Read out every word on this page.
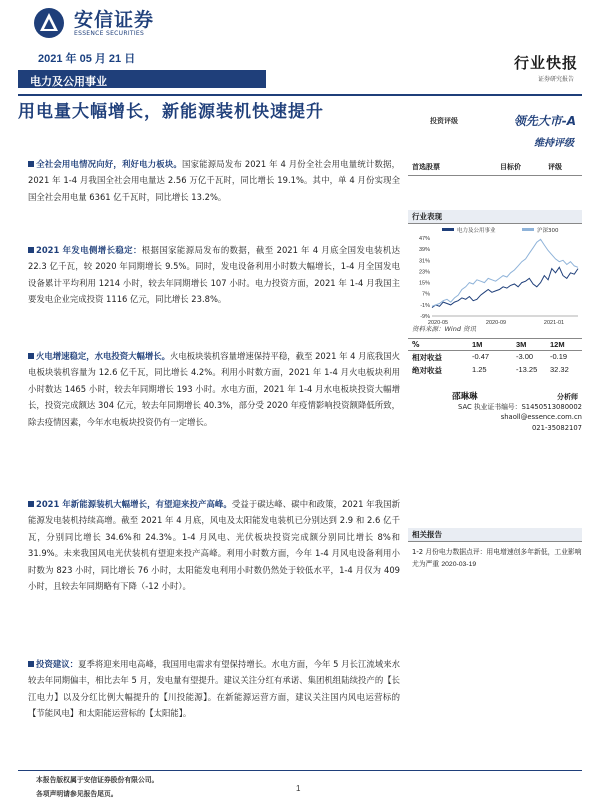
安信证券
ESSENCE SECURITIES
2021 年 05 月 21 日
电力及公用事业
行业快报
证券研究报告
用电量大幅增长，新能源装机快速提升

全社会用电情况向好，利好电力板块。国家能源局发布 2021 年 4 月份全社会用电量统计数据，2021 年 1-4 月我国全社会用电量达 2.56 万亿千瓦时，同比增长 19.1%。其中，单 4 月份实现全国全社会用电量 6361 亿千瓦时，同比增长 13.2%。

2021 年发电侧增长稳定：根据国家能源局发布的数据，截至 2021 年 4 月底全国发电装机达 22.3 亿千瓦，较 2020 年同期增长 9.5%。同时，发电设备利用小时数大幅增长，1-4 月全国发电设备累计平均利用 1214 小时，较去年同期增长 107 小时。电力投资方面，2021 年 1-4 月我国主要发电企业完成投资 1116 亿元，同比增长 23.8%。

火电增速稳定，水电投资大幅增长。火电板块装机容量增速保持平稳，截至 2021 年 4 月底我国火电板块装机容量为 12.6 亿千瓦，同比增长 4.2%。利用小时数方面，2021 年 1-4 月火电板块利用小时数达 1465 小时，较去年同期增长 193 小时。水电方面，2021 年 1-4 月水电板块投资大幅增长，投资完成额达 304 亿元，较去年同期增长 40.3%，部分受 2020 年疫情影响投资额降低所致，除去疫情因素，今年水电板块投资仍有一定增长。

2021 年新能源装机大幅增长，有望迎来投产高峰。受益于碳达峰、碳中和政策，2021 年我国新能源发电装机持续高增。截至 2021 年 4 月底，风电及太阳能发电装机已分别达到 2.9 和 2.6 亿千瓦，分别同比增长 34.6%和 24.3%。1-4 月风电、光伏板块投资完成额分别同比增长 8%和 31.9%。未来我国风电光伏装机有望迎来投产高峰。利用小时数方面，今年 1-4 月风电设备利用小时数为 823 小时，同比增长 76 小时，太阳能发电利用小时数仍然处于较低水平，1-4 月仅为 409 小时，且较去年同期略有下降（-12 小时）。

投资建议：夏季将迎来用电高峰，我国用电需求有望保持增长。水电方面，今年 5 月长江流域来水较去年同期偏丰，相比去年 5 月，发电量有望提升。建议关注分红有承诺、集团机组陆续投产的【长江电力】以及分红比例大幅提升的【川投能源】。在新能源运营方面，建议关注国内风电运营标的【节能风电】和太阳能运营标的【太阳能】。

投资评级	领先大市-A
维持评级
首选股票	目标价	评级
行业表现
47%
39%
31%
23%
15%
7%
-1%
-9%
2020-05	2020-09	2021-01
电力及公用事业	沪深300
资料来源：Wind 资讯
%	1M	3M	12M
相对收益	-0.47	-3.00 -0.19
绝对收益	1.25	-13.25 32.32
分析师
邵琳琳
SAC 执业证书编号：S1450513080002
shaoll@essence.com.cn
021-35082107
相关报告
1-2 月份电力数据点评：用电增速创多年新低，工业影响尤为严重 2020-03-19
本报告版权属于安信证券股份有限公司。
各项声明请参见报告尾页。
1
